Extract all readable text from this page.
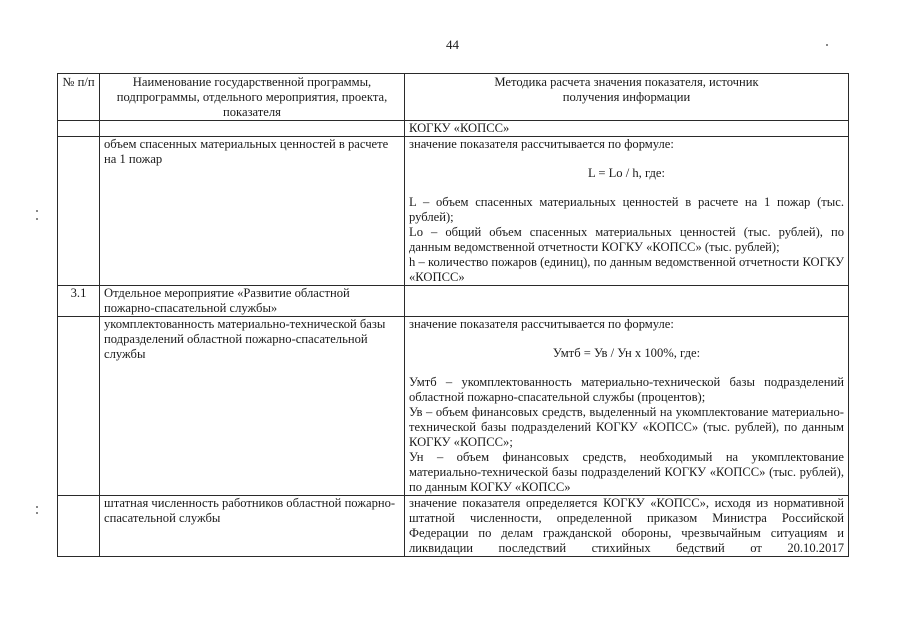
44
№ п/п	Наименование государственной программы, подпрограммы, отдельного мероприятия, проекта, показателя	Методика расчета значения показателя, источник получения информации
		КОГКУ «КОПСС»
	объем спасенных материальных ценностей в расчете на 1 пожар	значение показателя рассчитывается по формуле:
L = Lo / h, где:
L – объем спасенных материальных ценностей в расчете на 1 пожар (тыс. рублей);
Lo – общий объем спасенных материальных ценностей (тыс. рублей), по данным ведомственной отчетности КОГКУ «КОПСС» (тыс. рублей);
h – количество пожаров (единиц), по данным ведомственной отчетности КОГКУ «КОПСС»

3.1	Отдельное мероприятие «Развитие областной пожарно-спасательной службы»	
	укомплектованность материально-технической базы подразделений областной пожарно-спасательной службы	значение показателя рассчитывается по формуле:
Умтб = Ув / Ун х 100%, где:
Умтб – укомплектованность материально-технической базы подразделений областной пожарно-спасательной службы (процентов);
Ув – объем финансовых средств, выделенный на укомплектование материально-технической базы подразделений КОГКУ «КОПСС» (тыс. рублей), по данным КОГКУ «КОПСС»;
Ун – объем финансовых средств, необходимый на укомплектование материально-технической базы подразделений КОГКУ «КОПСС» (тыс. рублей), по данным КОГКУ «КОПСС»

	штатная численность работников областной пожарно-спасательной службы	значение показателя определяется КОГКУ «КОПСС», исходя из нормативной штатной численности, определенной приказом Министра Российской Федерации по делам гражданской обороны, чрезвычайным ситуациям и ликвидации последствий стихийных бедствий от 20.10.2017
